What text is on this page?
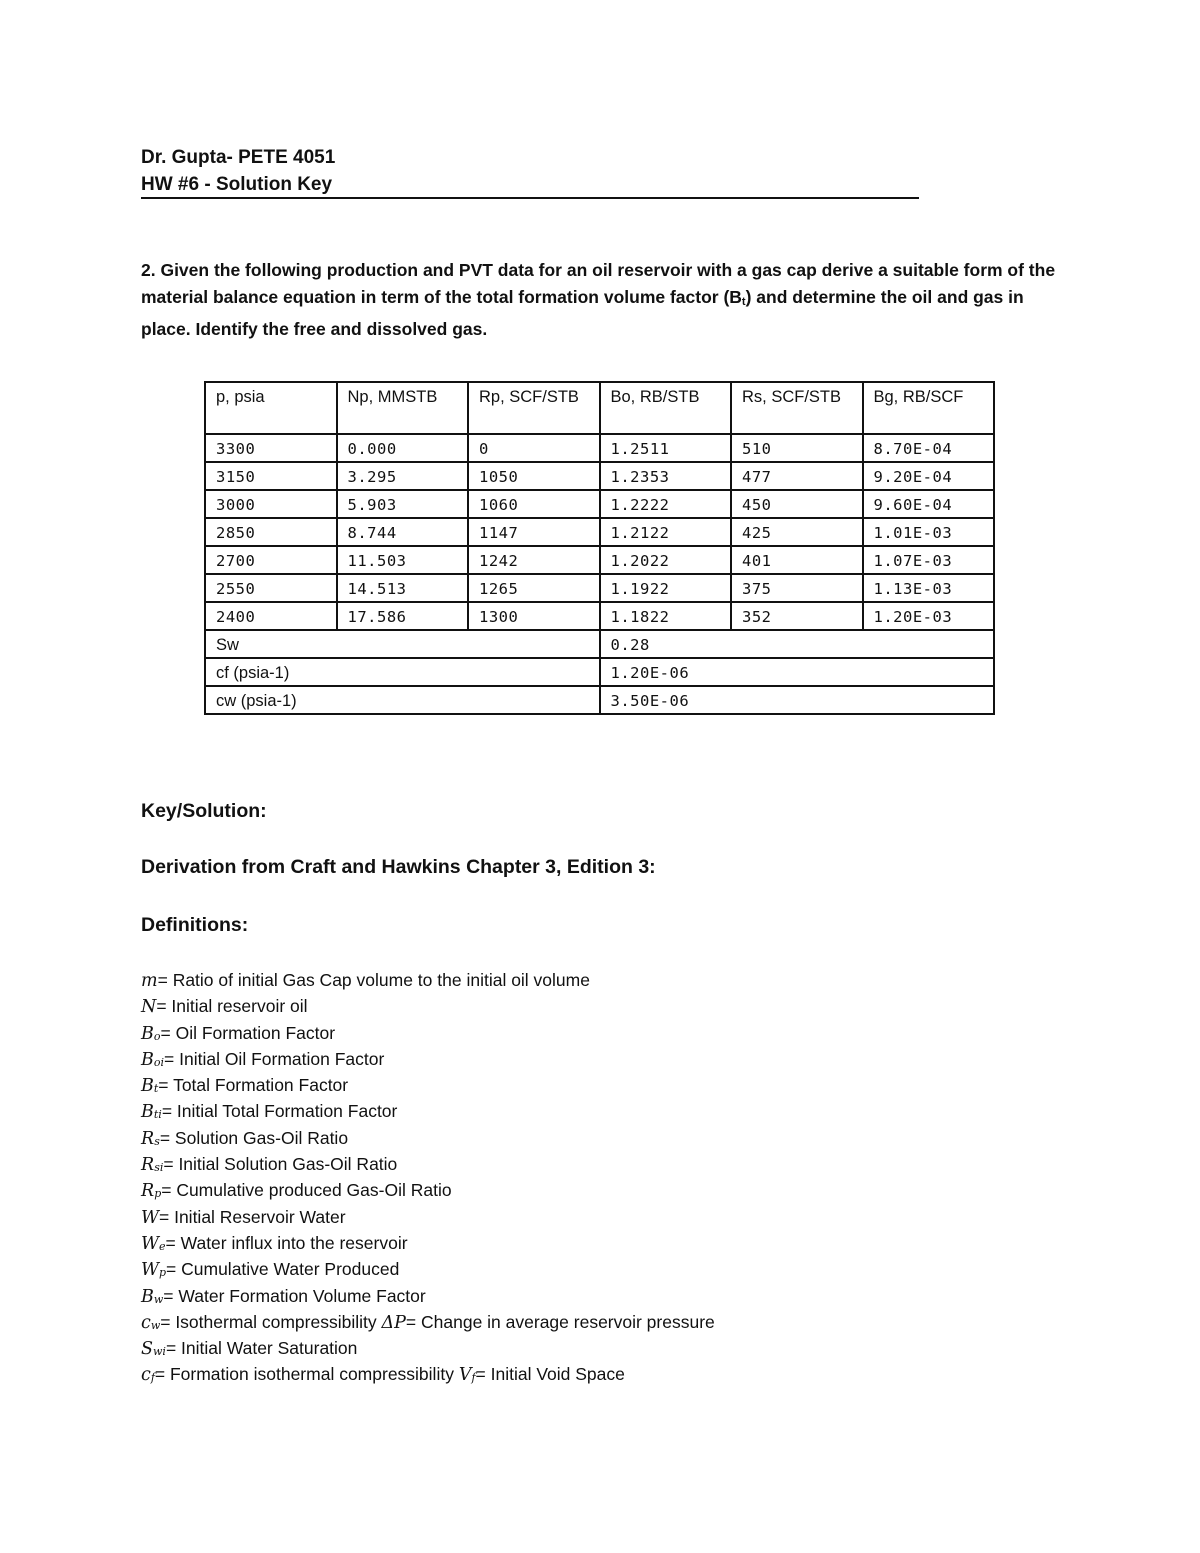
Dr. Gupta- PETE 4051
HW #6 - Solution Key
2. Given the following production and PVT data for an oil reservoir with a gas cap derive a suitable form of the material balance equation in term of the total formation volume factor $(B_t)$ and determine the oil and gas in place. Identify the free and dissolved gas.
p, psia	Np, MMSTB	Rp, SCF/STB	Bo, RB/STB	Rs, SCF/STB	Bg, RB/SCF
3300	0.000	0	1.2511	510	8.70E-04
3150	3.295	1050	1.2353	477	9.20E-04
3000	5.903	1060	1.2222	450	9.60E-04
2850	8.744	1147	1.2122	425	1.01E-03
2700	11.503	1242	1.2022	401	1.07E-03
2550	14.513	1265	1.1922	375	1.13E-03
2400	17.586	1300	1.1822	352	1.20E-03
Sw			0.28		
cf (psia-1)			1.20E-06		
cw (psia-1)			3.50E-06		
Key/Solution:
Derivation from Craft and Hawkins Chapter 3, Edition 3:
Definitions:
m= Ratio of initial Gas Cap volume to the initial oil volume
N= Initial reservoir oil
$B_o=$ Oil Formation Factor
$B_{oi}=$ Initial Oil Formation Factor
$B_t=$ Total Formation Factor
$B_{ti}=$ Initial Total Formation Factor
$R_s=$ Solution Gas-Oil Ratio
$R_{si}=$ Initial Solution Gas-Oil Ratio
$R_p=$ Cumulative produced Gas-Oil Ratio
W= Initial Reservoir Water
$W_e=$ Water influx into the reservoir
$W_p=$ Cumulative Water Produced
$B_w=$ Water Formation Volume Factor
$c_w=$ Isothermal compressibility ΔP= Change in average reservoir pressure
$S_{wi}=$ Initial Water Saturation
$c_f=$ Formation isothermal compressibility $V_f=$ Initial Void Space
